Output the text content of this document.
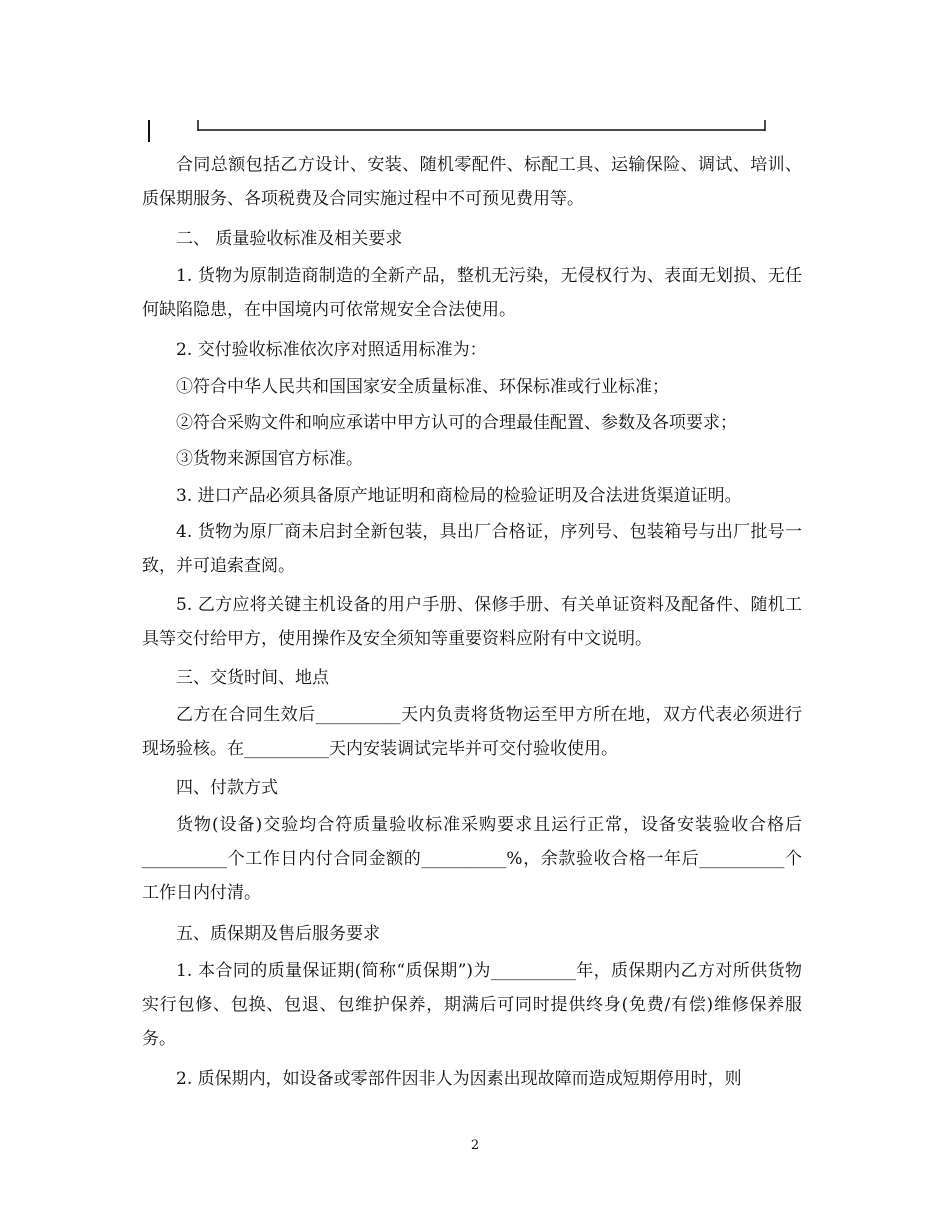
合同总额包括乙方设计、安装、随机零配件、标配工具、运输保险、调试、培训、质保期服务、各项税费及合同实施过程中不可预见费用等。

二、 质量验收标准及相关要求

1. 货物为原制造商制造的全新产品，整机无污染，无侵权行为、表面无划损、无任何缺陷隐患，在中国境内可依常规安全合法使用。

2. 交付验收标准依次序对照适用标准为：

①符合中华人民共和国国家安全质量标准、环保标准或行业标准；

②符合采购文件和响应承诺中甲方认可的合理最佳配置、参数及各项要求；

③货物来源国官方标准。

3. 进口产品必须具备原产地证明和商检局的检验证明及合法进货渠道证明。

4. 货物为原厂商未启封全新包装，具出厂合格证，序列号、包装箱号与出厂批号一致，并可追索查阅。

5. 乙方应将关键主机设备的用户手册、保修手册、有关单证资料及配备件、随机工具等交付给甲方，使用操作及安全须知等重要资料应附有中文说明。

三、交货时间、地点

乙方在合同生效后__________天内负责将货物运至甲方所在地，双方代表必须进行现场验核。在__________天内安装调试完毕并可交付验收使用。

四、付款方式

货物(设备)交验均合符质量验收标准采购要求且运行正常，设备安装验收合格后__________个工作日内付合同金额的__________%，余款验收合格一年后__________个工作日内付清。

五、质保期及售后服务要求

1. 本合同的质量保证期(简称“质保期”)为__________年，质保期内乙方对所供货物实行包修、包换、包退、包维护保养，期满后可同时提供终身(免费/有偿)维修保养服务。

2. 质保期内，如设备或零部件因非人为因素出现故障而造成短期停用时，则

2
